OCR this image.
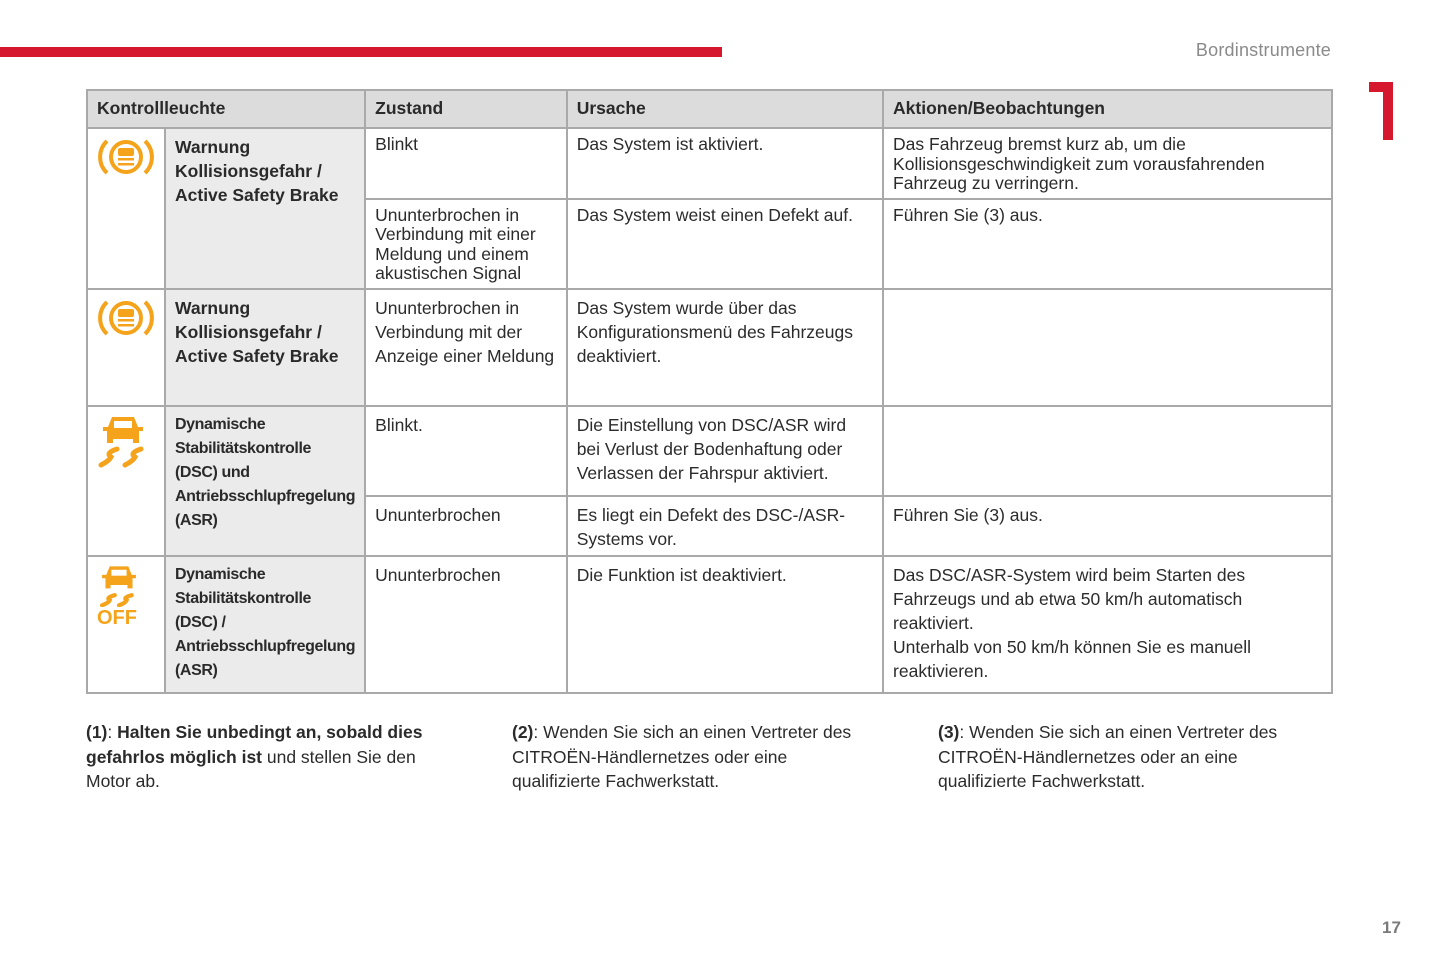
Bordinstrumente
Kontrollleuchte		Zustand	Ursache	Aktionen/Beobachtungen
	Warnung Kollisionsgefahr / Active Safety Brake	Blinkt	Das System ist aktiviert.	Das Fahrzeug bremst kurz ab, um die Kollisionsgeschwindigkeit zum vorausfahrenden Fahrzeug zu verringern.
		Ununterbrochen in Verbindung mit einer Meldung und einem akustischen Signal	Das System weist einen Defekt auf.	Führen Sie (3) aus.
	Warnung Kollisionsgefahr / Active Safety Brake	Ununterbrochen in Verbindung mit der Anzeige einer Meldung	Das System wurde über das Konfigurationsmenü des Fahrzeugs deaktiviert.	
	Dynamische Stabilitätskontrolle (DSC) und Antriebsschlupfregelung (ASR)	Blinkt.	Die Einstellung von DSC/ASR wird bei Verlust der Bodenhaftung oder Verlassen der Fahrspur aktiviert.	
		Ununterbrochen	Es liegt ein Defekt des DSC-/ASR-Systems vor.	Führen Sie (3) aus.

OFF	Dynamische Stabilitätskontrolle (DSC) / Antriebsschlupfregelung (ASR)	Ununterbrochen	Die Funktion ist deaktiviert.	Das DSC/ASR-System wird beim Starten des Fahrzeugs und ab etwa 50 km/h automatisch reaktiviert.
Unterhalb von 50 km/h können Sie es manuell reaktivieren.
(1): Halten Sie unbedingt an, sobald dies gefahrlos möglich ist und stellen Sie den Motor ab.
(2): Wenden Sie sich an einen Vertreter des CITROËN-Händlernetzes oder eine qualifizierte Fachwerkstatt.
(3): Wenden Sie sich an einen Vertreter des CITROËN-Händlernetzes oder an eine qualifizierte Fachwerkstatt.
17
